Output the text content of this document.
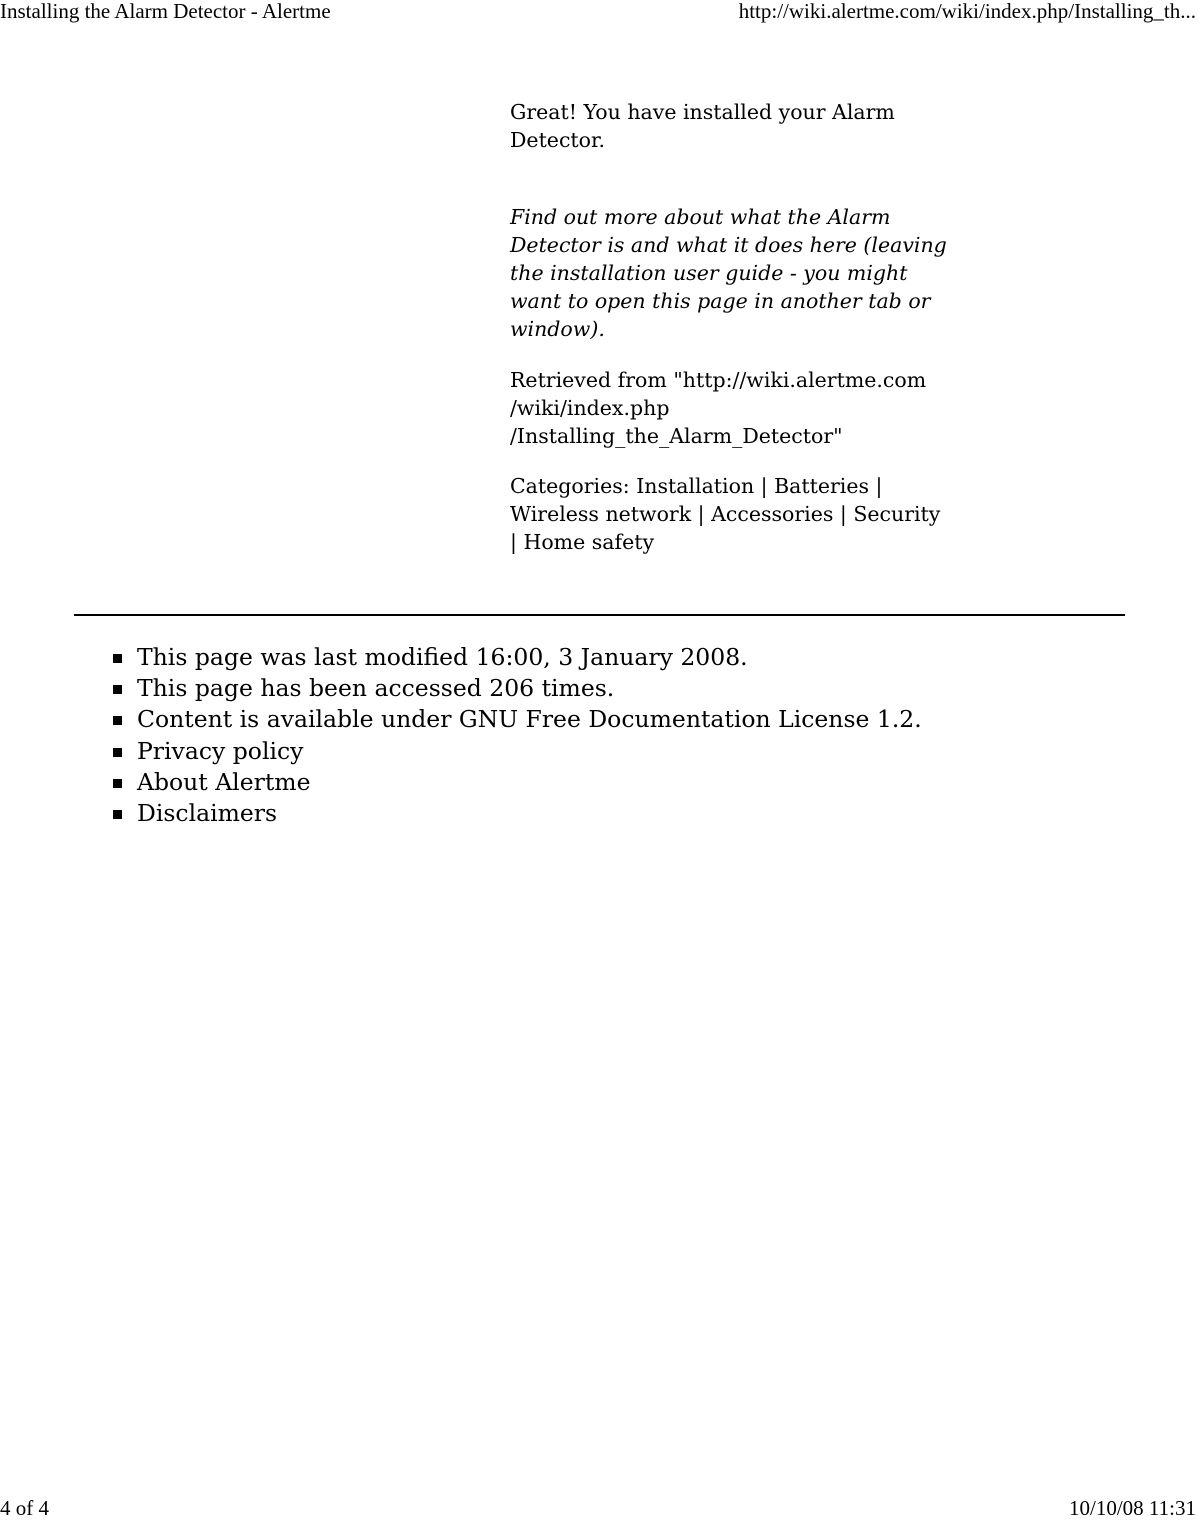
Installing the Alarm Detector - Alertme	http://wiki.alertme.com/wiki/index.php/Installing_th...

Great! You have installed your Alarm Detector.

Find out more about what the Alarm Detector is and what it does here (leaving the installation user guide - you might want to open this page in another tab or window).

Retrieved from "http://wiki.alertme.com
/wiki/index.php
/Installing_the_Alarm_Detector"

Categories: Installation | Batteries | Wireless network | Accessories | Security | Home safety

This page was last modified 16:00, 3 January 2008.
This page has been accessed 206 times.
Content is available under GNU Free Documentation License 1.2.
Privacy policy
About Alertme
Disclaimers
4 of 4	10/10/08 11:31
